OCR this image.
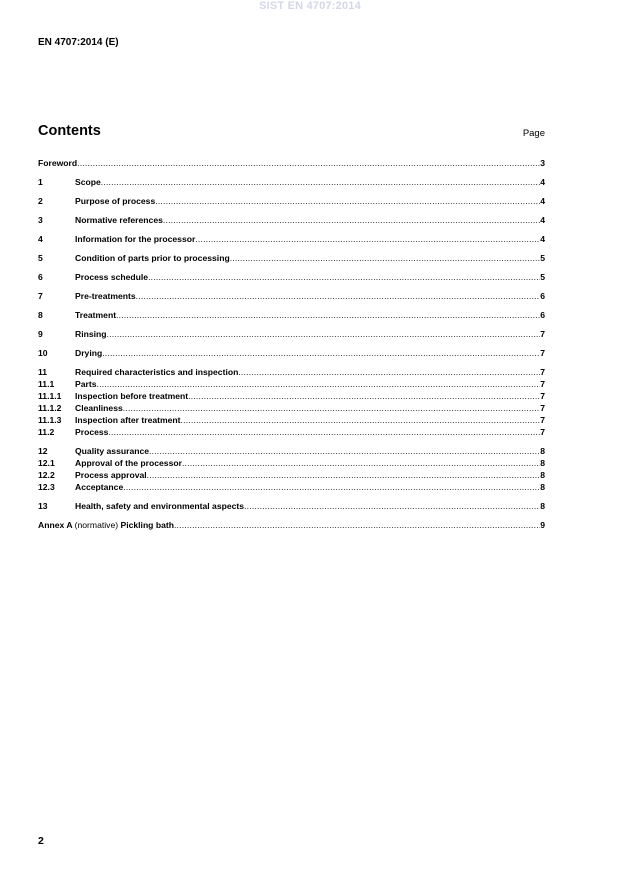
SIST EN 4707:2014
EN 4707:2014 (E)
Contents	Page
Foreword .....	3
1	Scope .....	4
2	Purpose of process .....	4
3	Normative references .....	4
4	Information for the processor .....	4
5	Condition of parts prior to processing .....	5
6	Process schedule .....	5
7	Pre-treatments .....	6
8	Treatment .....	6
9	Rinsing .....	7
10	Drying .....	7
11	Required characteristics and inspection .....	7
11.1	Parts .....	7
11.1.1	Inspection before treatment .....	7
11.1.2	Cleanliness .....	7
11.1.3	Inspection after treatment .....	7
11.2	Process .....	7
12	Quality assurance .....	8
12.1	Approval of the processor .....	8
12.2	Process approval .....	8
12.3	Acceptance .....	8
13	Health, safety and environmental aspects .....	8
Annex A (normative) Pickling bath .....	9
2
